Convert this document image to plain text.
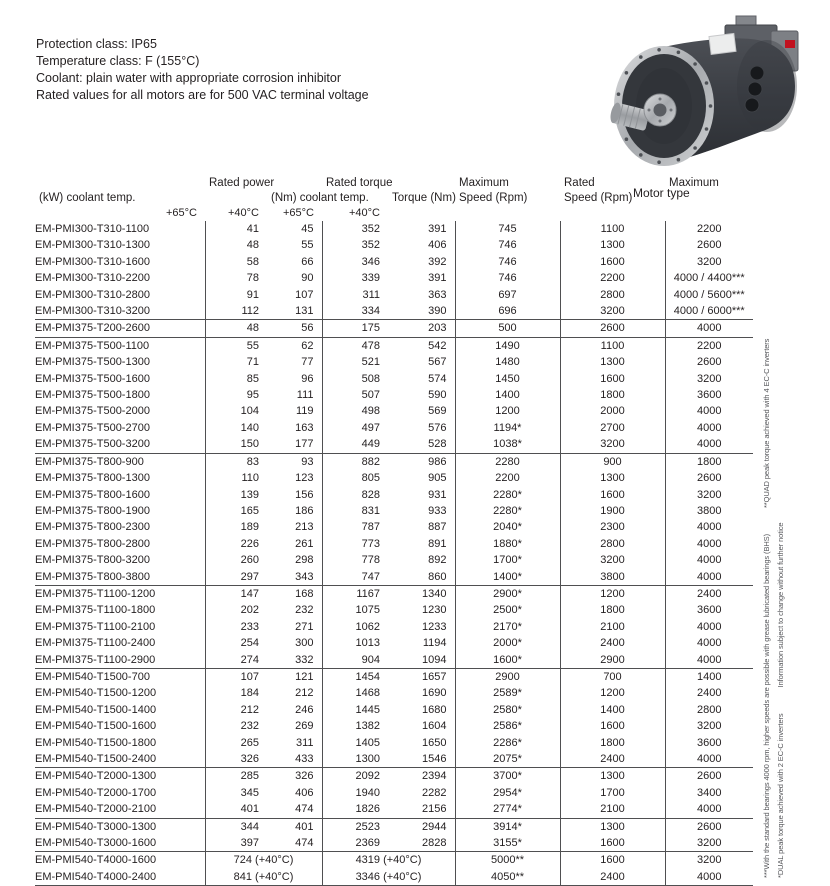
Protection class: IP65
Temperature class: F (155°C)
Coolant: plain water with appropriate corrosion inhibitor
Rated values for all motors are for 500 VAC terminal voltage
Motor type
Rated power		Rated torque		Maximum	Rated	Maximum
(kW) coolant temp.		(Nm) coolant temp.		Torque (Nm)	Speed (Rpm)	Speed (Rpm)	
+65°C	+40°C	+65°C	+40°C				
EM-PMI300-T310-1100	41	45	352	391	745	1100	2200
EM-PMI300-T310-1300	48	55	352	406	746	1300	2600
EM-PMI300-T310-1600	58	66	346	392	746	1600	3200
EM-PMI300-T310-2200	78	90	339	391	746	2200	4000 / 4400***
EM-PMI300-T310-2800	91	107	311	363	697	2800	4000 / 5600***
EM-PMI300-T310-3200	112	131	334	390	696	3200	4000 / 6000***
EM-PMI375-T200-2600	48	56	175	203	500	2600	4000
EM-PMI375-T500-1100	55	62	478	542	1490	1100	2200
EM-PMI375-T500-1300	71	77	521	567	1480	1300	2600
EM-PMI375-T500-1600	85	96	508	574	1450	1600	3200
EM-PMI375-T500-1800	95	111	507	590	1400	1800	3600
EM-PMI375-T500-2000	104	119	498	569	1200	2000	4000
EM-PMI375-T500-2700	140	163	497	576	1194*	2700	4000
EM-PMI375-T500-3200	150	177	449	528	1038*	3200	4000
EM-PMI375-T800-900	83	93	882	986	2280	900	1800
EM-PMI375-T800-1300	110	123	805	905	2200	1300	2600
EM-PMI375-T800-1600	139	156	828	931	2280*	1600	3200
EM-PMI375-T800-1900	165	186	831	933	2280*	1900	3800
EM-PMI375-T800-2300	189	213	787	887	2040*	2300	4000
EM-PMI375-T800-2800	226	261	773	891	1880*	2800	4000
EM-PMI375-T800-3200	260	298	778	892	1700*	3200	4000
EM-PMI375-T800-3800	297	343	747	860	1400*	3800	4000
EM-PMI375-T1100-1200	147	168	1167	1340	2900*	1200	2400
EM-PMI375-T1100-1800	202	232	1075	1230	2500*	1800	3600
EM-PMI375-T1100-2100	233	271	1062	1233	2170*	2100	4000
EM-PMI375-T1100-2400	254	300	1013	1194	2000*	2400	4000
EM-PMI375-T1100-2900	274	332	904	1094	1600*	2900	4000
EM-PMI540-T1500-700	107	121	1454	1657	2900	700	1400
EM-PMI540-T1500-1200	184	212	1468	1690	2589*	1200	2400
EM-PMI540-T1500-1400	212	246	1445	1680	2580*	1400	2800
EM-PMI540-T1500-1600	232	269	1382	1604	2586*	1600	3200
EM-PMI540-T1500-1800	265	311	1405	1650	2286*	1800	3600
EM-PMI540-T1500-2400	326	433	1300	1546	2075*	2400	4000
EM-PMI540-T2000-1300	285	326	2092	2394	3700*	1300	2600
EM-PMI540-T2000-1700	345	406	1940	2282	2954*	1700	3400
EM-PMI540-T2000-2100	401	474	1826	2156	2774*	2100	4000
EM-PMI540-T3000-1300	344	401	2523	2944	3914*	1300	2600
EM-PMI540-T3000-1600	397	474	2369	2828	3155*	1600	3200
EM-PMI540-T4000-1600	724 (+40°C)		4319 (+40°C)		5000**	1600	3200
EM-PMI540-T4000-2400	841 (+40°C)		3346 (+40°C)		4050**	2400	4000	***With the standard bearings 4000 rpm, higher speeds are possible with grease lubricated bearings (BHS)**QUAD peak torque achieved with 4 EC-C inverters
*DUAL peak torque achieved with 2 EC-C invertersInformation subject to change without further notice
